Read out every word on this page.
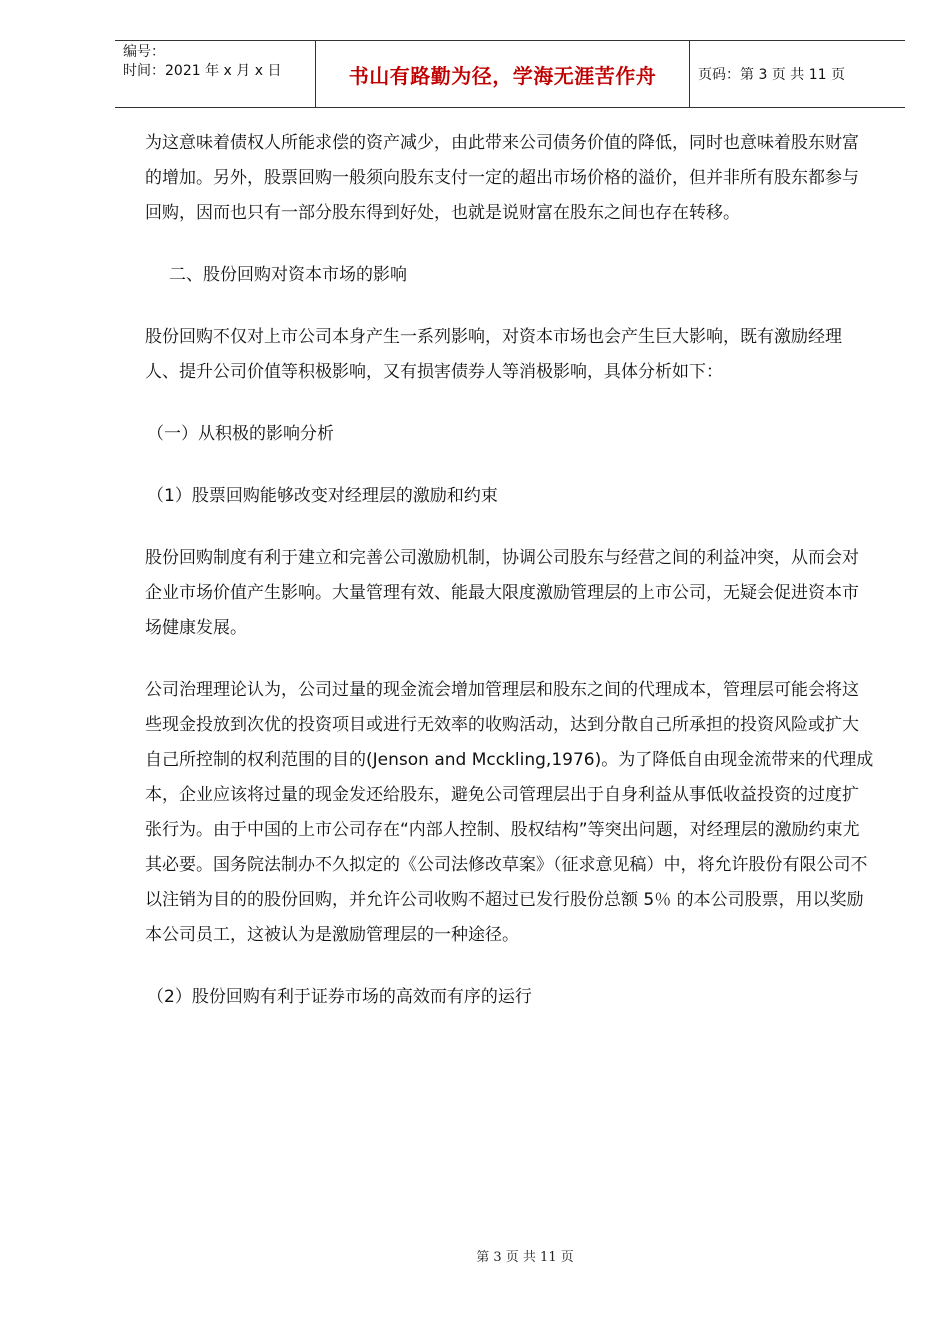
编号：
时间：2021 年 x 月 x 日	书山有路勤为径，学海无涯苦作舟	页码：第 3 页 共 11 页

为这意味着债权人所能求偿的资产减少，由此带来公司债务价值的降低，同时也意味着股东财富的增加。另外，股票回购一般须向股东支付一定的超出市场价格的溢价，但并非所有股东都参与回购，因而也只有一部分股东得到好处，也就是说财富在股东之间也存在转移。

二、股份回购对资本市场的影响

股份回购不仅对上市公司本身产生一系列影响，对资本市场也会产生巨大影响，既有激励经理人、提升公司价值等积极影响，又有损害债券人等消极影响，具体分析如下：

（一）从积极的影响分析

（1）股票回购能够改变对经理层的激励和约束

股份回购制度有利于建立和完善公司激励机制，协调公司股东与经营之间的利益冲突，从而会对企业市场价值产生影响。大量管理有效、能最大限度激励管理层的上市公司，无疑会促进资本市场健康发展。

公司治理理论认为，公司过量的现金流会增加管理层和股东之间的代理成本，管理层可能会将这些现金投放到次优的投资项目或进行无效率的收购活动，达到分散自己所承担的投资风险或扩大自己所控制的权利范围的目的(Jenson and Mcckling,1976)。为了降低自由现金流带来的代理成本，企业应该将过量的现金发还给股东，避免公司管理层出于自身利益从事低收益投资的过度扩张行为。由于中国的上市公司存在“内部人控制、股权结构”等突出问题，对经理层的激励约束尤其必要。国务院法制办不久拟定的《公司法修改草案》（征求意见稿）中，将允许股份有限公司不以注销为目的的股份回购，并允许公司收购不超过已发行股份总额 5％ 的本公司股票，用以奖励本公司员工，这被认为是激励管理层的一种途径。

（2）股份回购有利于证券市场的高效而有序的运行

第 3 页 共 11 页
